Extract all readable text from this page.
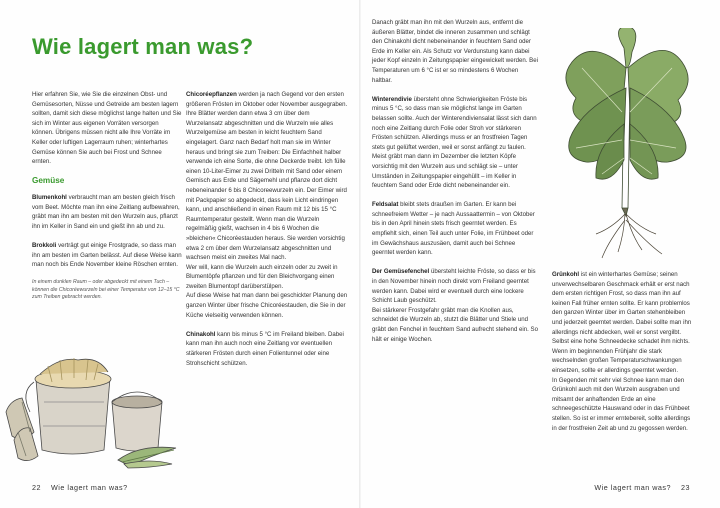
Wie lagert man was?

Hier erfahren Sie, wie Sie die einzelnen Obst- und Gemüsesorten, Nüsse und Getreide am besten lagern sollten, damit sich diese möglichst lange halten und Sie sich im Winter aus eigenen Vorräten versorgen können. Übrigens müssen nicht alle Ihre Vorräte im Keller oder luftigen Lagerraum ruhen; winterhartes Gemüse können Sie auch bei Frost und Schnee ernten.

Gemüse

Blumenkohl verbraucht man am besten gleich frisch vom Beet. Möchte man ihn eine Zeitlang aufbewahren, gräbt man ihn am besten mit den Wurzeln aus, pflanzt ihn im Keller in Sand ein und gießt ihn ab und zu.

Brokkoli verträgt gut einige Frostgrade, so dass man ihn am besten im Garten belässt. Auf diese Weise kann man noch bis Ende November kleine Röschen ernten.

In einem dunklen Raum – oder abgedeckt mit einem Tuch – können die Chicoréewurzeln bei einer Temperatur von 12–15 °C zum Treiben gebracht werden.

Chicoréepflanzen werden ja nach Gegend vor den ersten größeren Frösten im Oktober oder November ausgegraben. Ihre Blätter werden dann etwa 3 cm über dem Wurzelansatz abgeschnitten und die Wurzeln wie alles Wurzelgemüse am besten in leicht feuchtem Sand eingelagert. Ganz nach Bedarf holt man sie im Winter heraus und bringt sie zum Treiben: Die Einfachheit halber verwende ich eine Sorte, die ohne Deckerde treibt. Ich fülle einen 10-Liter-Eimer zu zwei Dritteln mit Sand oder einem Gemisch aus Erde und Sägemehl und pflanze dort dicht nebeneinander 6 bis 8 Chicoreewurzeln ein. Der Eimer wird mit Packpapier so abgedeckt, dass kein Licht eindringen kann, und anschließend in einen Raum mit 12 bis 15 °C Raumtemperatur gestellt. Wenn man die Wurzeln regelmäßig gießt, wachsen in 4 bis 6 Wochen die »bleichen« Chicoréestauden heraus. Sie werden vorsichtig etwa 2 cm über dem Wurzelansatz abgeschnitten und wachsen meist ein zweites Mal nach.

Wer will, kann die Wurzeln auch einzeln oder zu zweit in Blumentöpfe pflanzen und für den Bleichvorgang einen zweiten Blumentopf darüberstülpen.

Auf diese Weise hat man dann bei geschickter Planung den ganzen Winter über frische Chicoréestauden, die Sie in der Küche vielseitig verwenden können.

Chinakohl kann bis minus 5 °C im Freiland bleiben. Dabei kann man ihn auch noch eine Zeitlang vor eventuellen stärkeren Frösten durch einen Folientunnel oder eine Strohschicht schützen.

22 Wie lagert man was?

Danach gräbt man ihn mit den Wurzeln aus, entfernt die äußeren Blätter, bindet die inneren zusammen und schlägt den Chinakohl dicht nebeneinander in feuchtem Sand oder Erde im Keller ein. Als Schutz vor Verdunstung kann dabei jeder Kopf einzeln in Zeitungspapier eingewickelt werden. Bei Temperaturen um 6 °C ist er so mindestens 6 Wochen haltbar.

Winterendivie übersteht ohne Schwierigkeiten Fröste bis minus 5 °C, so dass man sie möglichst lange im Garten belassen sollte. Auch der Winterendiviensalat lässt sich dann noch eine Zeitlang durch Folie oder Stroh vor stärkeren Frösten schützen. Allerdings muss er an frostfreien Tagen stets gut gelüftet werden, weil er sonst anfängt zu faulen. Meist gräbt man dann im Dezember die letzten Köpfe vorsichtig mit den Wurzeln aus und schlägt sie – unter Umständen in Zeitungspapier eingehüllt – im Keller in feuchtem Sand oder Erde dicht nebeneinander ein.

Feldsalat bleibt stets draußen im Garten. Er kann bei schneefreiem Wetter – je nach Aussaattermin – von Oktober bis in den April hinein stets frisch geerntet werden. Es empfiehlt sich, einen Teil auch unter Folie, im Frühbeet oder im Gewächshaus auszusäen, damit auch bei Schnee geerntet werden kann.

Der Gemüsefenchel übersteht leichte Fröste, so dass er bis in den November hinein noch direkt vom Freiland geerntet werden kann. Dabei wird er eventuell durch eine lockere Schicht Laub geschützt.

Bei stärkerer Frostgefahr gräbt man die Knollen aus, schneidet die Wurzeln ab, stutzt die Blätter und Stiele und gräbt den Fenchel in feuchtem Sand aufrecht stehend ein. So hält er einige Wochen.

Grünkohl ist ein winterhartes Gemüse; seinen unverwechselbaren Geschmack erhält er erst nach dem ersten richtigen Frost, so dass man ihn auf keinen Fall früher ernten sollte. Er kann problemlos den ganzen Winter über im Garten stehenbleiben und jederzeit geerntet werden. Dabei sollte man ihn allerdings nicht abdecken, weil er sonst vergilbt. Selbst eine hohe Schneedecke schadet ihm nichts. Wenn im beginnenden Frühjahr die stark wechselnden großen Temperaturschwankungen einsetzen, sollte er allerdings geerntet werden.

In Gegenden mit sehr viel Schnee kann man den Grünkohl auch mit den Wurzeln ausgraben und mitsamt der anhaftenden Erde an eine schneegeschützte Hauswand oder in das Frühbeet stellen. So ist er immer erntebereit, sollte allerdings in der frostfreien Zeit ab und zu gegossen werden.

Wie lagert man was? 23
